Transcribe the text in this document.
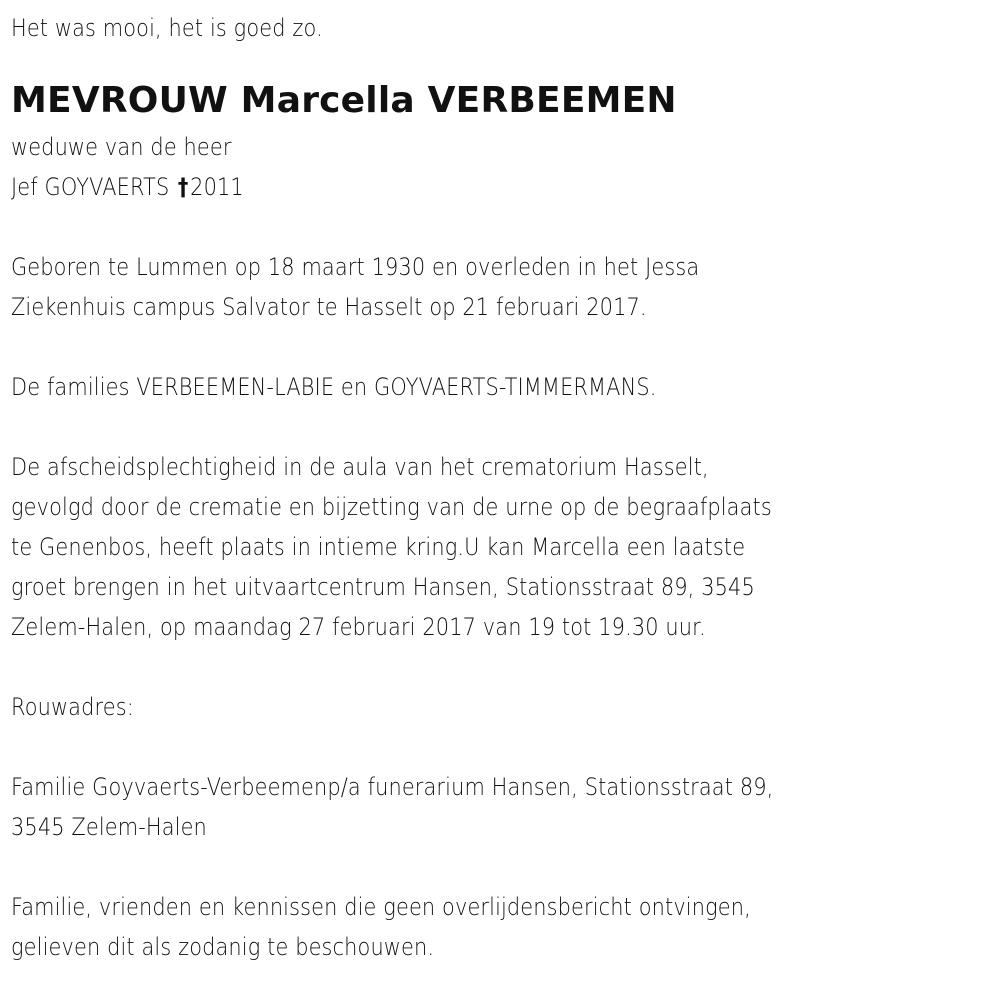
Het was mooi, het is goed zo.
MEVROUW Marcella VERBEEMEN
weduwe van de heer
Jef GOYVAERTS †2011
Geboren te Lummen op 18 maart 1930 en overleden in het Jessa
Ziekenhuis campus Salvator te Hasselt op 21 februari 2017.
De families VERBEEMEN-LABIE en GOYVAERTS-TIMMERMANS.
De afscheidsplechtigheid in de aula van het crematorium Hasselt,
gevolgd door de crematie en bijzetting van de urne op de begraafplaats
te Genenbos, heeft plaats in intieme kring.U kan Marcella een laatste
groet brengen in het uitvaartcentrum Hansen, Stationsstraat 89, 3545
Zelem-Halen, op maandag 27 februari 2017 van 19 tot 19.30 uur.
Rouwadres:
Familie Goyvaerts-Verbeemenp/a funerarium Hansen, Stationsstraat 89,
3545 Zelem-Halen
Familie, vrienden en kennissen die geen overlijdensbericht ontvingen,
gelieven dit als zodanig te beschouwen.
